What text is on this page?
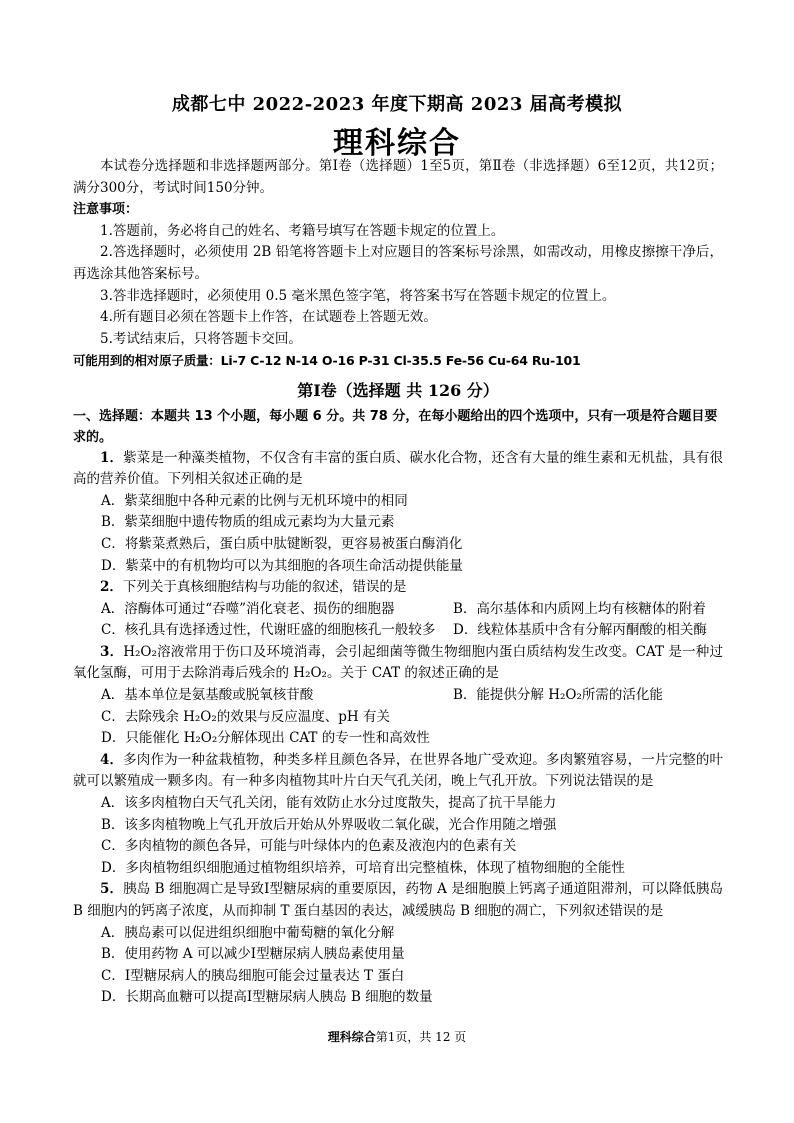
成都七中 2022-2023 年度下期高 2023 届高考模拟
理科综合

本试卷分选择题和非选择题两部分。第Ⅰ卷（选择题）1至5页，第Ⅱ卷（非选择题）6至12页，共12页；满分300分，考试时间150分钟。

注意事项：

1.答题前，务必将自己的姓名、考籍号填写在答题卡规定的位置上。

2.答选择题时，必须使用 2B 铅笔将答题卡上对应题目的答案标号涂黑，如需改动，用橡皮擦擦干净后， 再选涂其他答案标号。

3.答非选择题时，必须使用 0.5 毫米黑色签字笔，将答案书写在答题卡规定的位置上。

4.所有题目必须在答题卡上作答，在试题卷上答题无效。

5.考试结束后，只将答题卡交回。

可能用到的相对原子质量：Li-7 C-12 N-14 O-16 P-31 Cl-35.5 Fe-56 Cu-64 Ru-101

第Ⅰ卷（选择题 共 126 分）

一、选择题：本题共 13 个小题，每小题 6 分。共 78 分，在每小题给出的四个选项中，只有一项是符合题目要求的。

1．紫菜是一种藻类植物，不仅含有丰富的蛋白质、碳水化合物，还含有大量的维生素和无机盐，具有很高的营养价值。下列相关叙述正确的是

A．紫菜细胞中各种元素的比例与无机环境中的相同

B．紫菜细胞中遗传物质的组成元素均为大量元素

C．将紫菜煮熟后，蛋白质中肽键断裂，更容易被蛋白酶消化

D．紫菜中的有机物均可以为其细胞的各项生命活动提供能量

2．下列关于真核细胞结构与功能的叙述，错误的是

A．溶酶体可通过“吞噬”消化衰老、损伤的细胞器	B．高尔基体和内质网上均有核糖体的附着
C．核孔具有选择透过性，代谢旺盛的细胞核孔一般较多	D．线粒体基质中含有分解丙酮酸的相关酶

3．H₂O₂溶液常用于伤口及环境消毒，会引起细菌等微生物细胞内蛋白质结构发生改变。CAT 是一种过氧化氢酶，可用于去除消毒后残余的 H₂O₂。关于 CAT 的叙述正确的是

A．基本单位是氨基酸或脱氧核苷酸	B．能提供分解 H₂O₂所需的活化能

C．去除残余 H₂O₂的效果与反应温度、pH 有关

D．只能催化 H₂O₂分解体现出 CAT 的专一性和高效性

4．多肉作为一种盆栽植物，种类多样且颜色各异，在世界各地广受欢迎。多肉繁殖容易，一片完整的叶就可以繁殖成一颗多肉。有一种多肉植物其叶片白天气孔关闭，晚上气孔开放。下列说法错误的是

A．该多肉植物白天气孔关闭，能有效防止水分过度散失，提高了抗干旱能力

B．该多肉植物晚上气孔开放后开始从外界吸收二氧化碳，光合作用随之增强

C．多肉植物的颜色各异，可能与叶绿体内的色素及液泡内的色素有关

D．多肉植物组织细胞通过植物组织培养，可培育出完整植株，体现了植物细胞的全能性

5．胰岛 B 细胞凋亡是导致Ⅰ型糖尿病的重要原因，药物 A 是细胞膜上钙离子通道阻滞剂，可以降低胰岛 B 细胞内的钙离子浓度，从而抑制 T 蛋白基因的表达，减缓胰岛 B 细胞的凋亡，下列叙述错误的是

A．胰岛素可以促进组织细胞中葡萄糖的氧化分解

B．使用药物 A 可以减少Ⅰ型糖尿病人胰岛素使用量

C．Ⅰ型糖尿病人的胰岛细胞可能会过量表达 T 蛋白

D．长期高血糖可以提高Ⅰ型糖尿病人胰岛 B 细胞的数量

理科综合第1页，共 12 页
